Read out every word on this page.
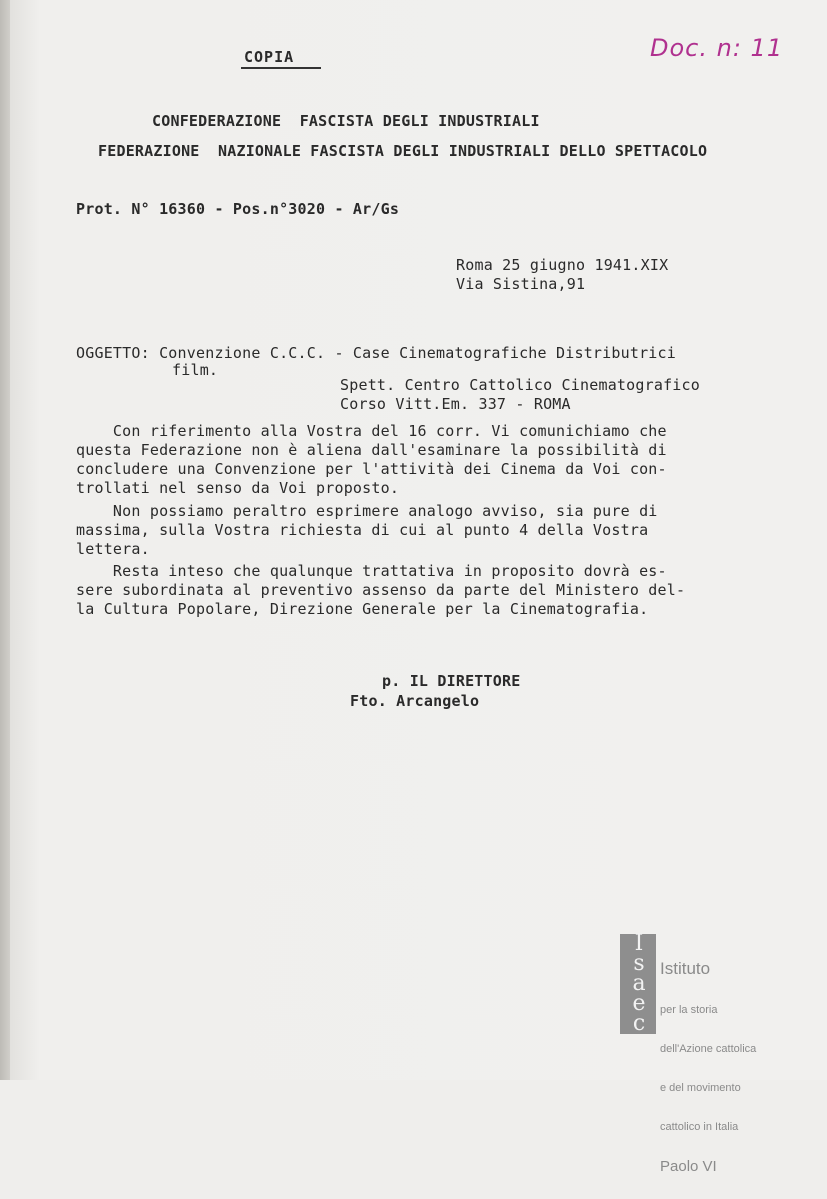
COPIA	Doc. n: 11
CONFEDERAZIONE  FASCISTA DEGLI INDUSTRIALI
FEDERAZIONE  NAZIONALE FASCISTA DEGLI INDUSTRIALI DELLO SPETTACOLO
Prot. N° 16360 - Pos.n°3020 - Ar/Gs
Roma 25 giugno 1941.XIX
Via Sistina,91
OGGETTO: Convenzione C.C.C. - Case Cinematografiche Distributrici
film.
Spett. Centro Cattolico Cinematografico
Corso Vitt.Em. 337 - ROMA
Con riferimento alla Vostra del 16 corr. Vi comunichiamo che
questa Federazione non è aliena dall'esaminare la possibilità di
concludere una Convenzione per l'attività dei Cinema da Voi con-
trollati nel senso da Voi proposto.
Non possiamo peraltro esprimere analogo avviso, sia pure di
massima, sulla Vostra richiesta di cui al punto 4 della Vostra
lettera.
Resta inteso che qualunque trattativa in proposito dovrà es-
sere subordinata al preventivo assenso da parte del Ministero del-
la Cultura Popolare, Direzione Generale per la Cinematografia.
p. IL DIRETTORE
Fto. Arcangelo
I
s
a
e
c

Istituto

per la storia

dell'Azione cattolica

e del movimento

cattolico in Italia

Paolo VI
